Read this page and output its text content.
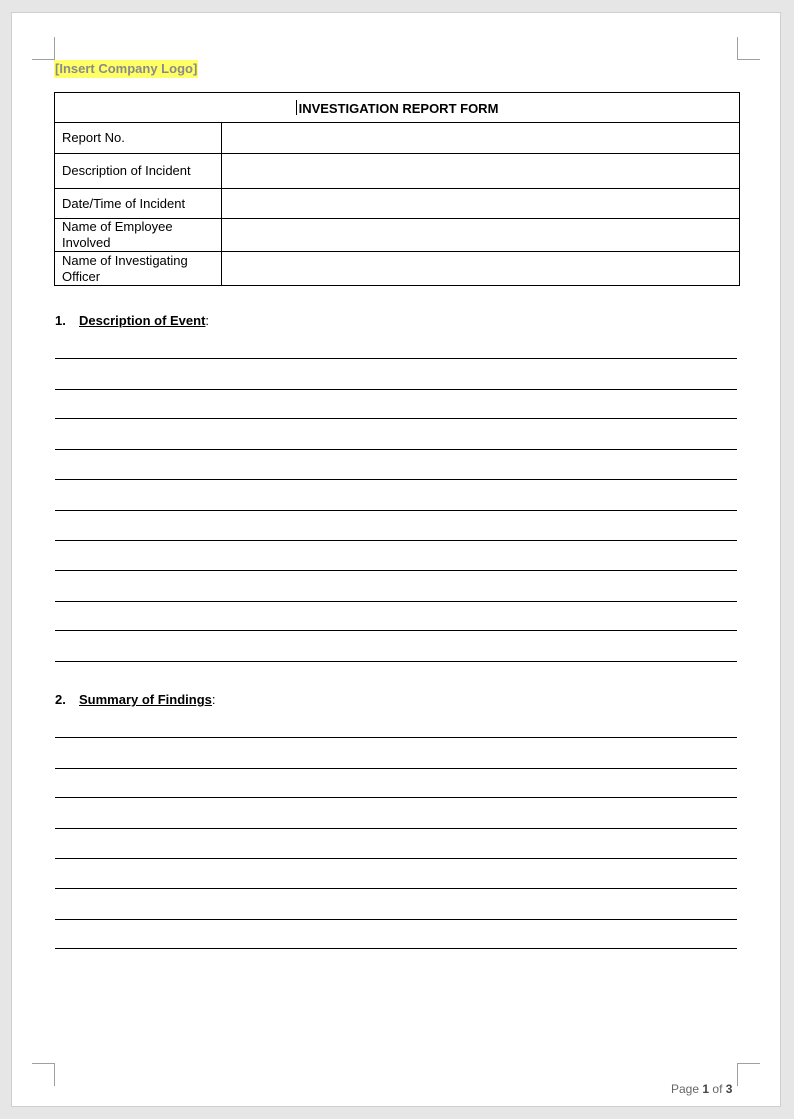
[Insert Company Logo]
INVESTIGATION REPORT FORM	
Report No.	
Description of Incident	
Date/Time of Incident	
Name of Employee Involved	
Name of Investigating Officer	
1. Description of Event:
2. Summary of Findings:
Page 1 of 3
